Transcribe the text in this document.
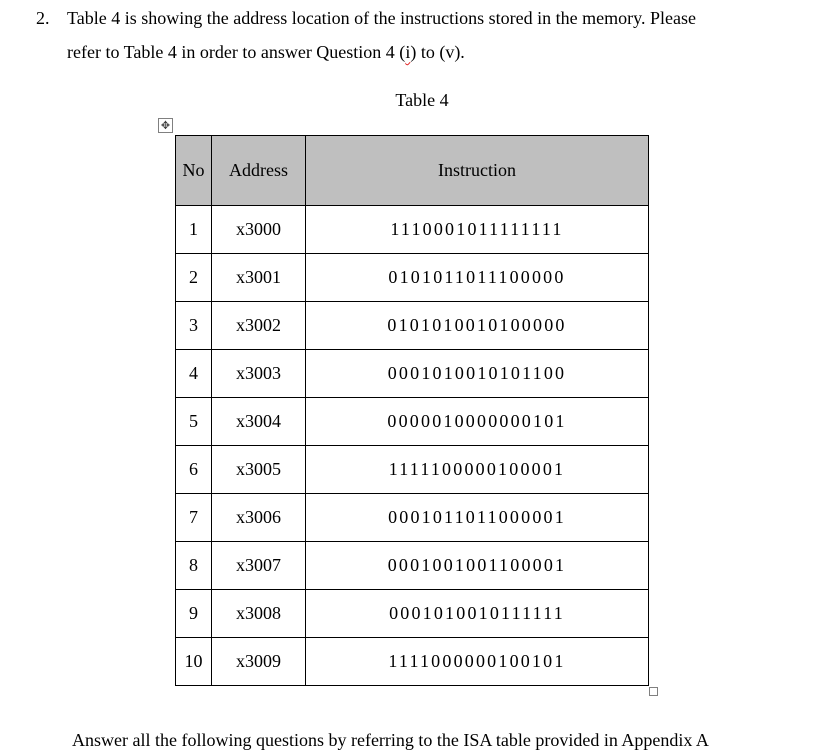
2. Table 4 is showing the address location of the instructions stored in the memory. Please
refer to Table 4 in order to answer Question 4 (i) to (v).
Table 4
✥
No	Address	Instruction
1	x3000	1110001011111111
2	x3001	0101011011100000
3	x3002	0101010010100000
4	x3003	0001010010101100
5	x3004	0000010000000101
6	x3005	1111100000100001
7	x3006	0001011011000001
8	x3007	0001001001100001
9	x3008	0001010010111111
10	x3009	1111000000100101
Answer all the following questions by referring to the ISA table provided in Appendix A
